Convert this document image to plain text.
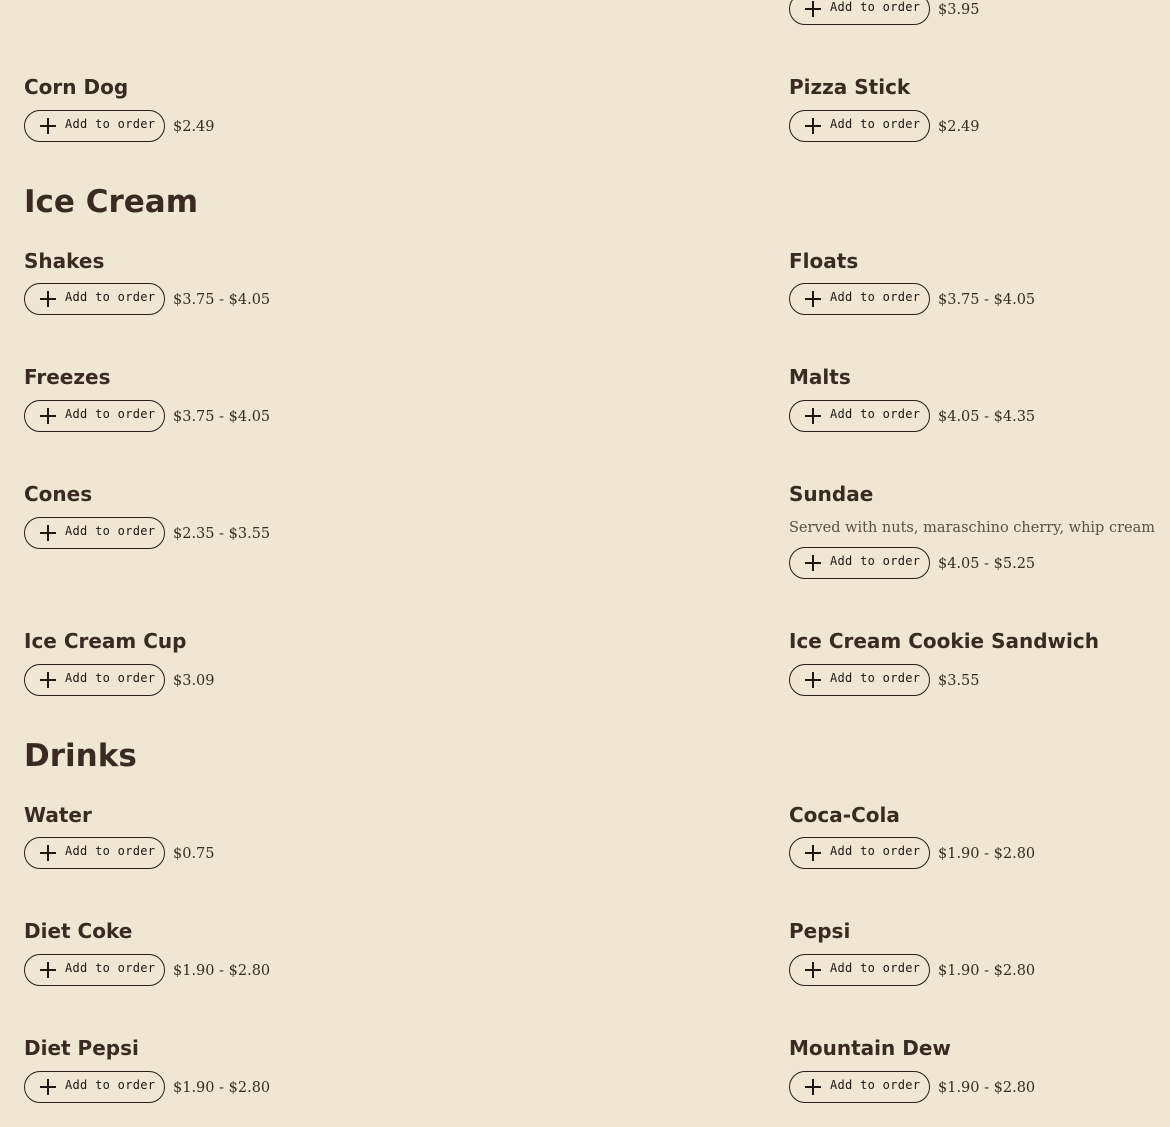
Add to order $3.95
Corn Dog
Add to order $2.49
Pizza Stick
Add to order $2.49
Ice Cream
Shakes
Add to order $3.75 - $4.05
Floats
Add to order $3.75 - $4.05
Freezes
Add to order $3.75 - $4.05
Malts
Add to order $4.05 - $4.35
Cones
Add to order $2.35 - $3.55
Sundae
Served with nuts, maraschino cherry, whip cream
Add to order $4.05 - $5.25
Ice Cream Cup
Add to order $3.09
Ice Cream Cookie Sandwich
Add to order $3.55
Drinks
Water
Add to order $0.75
Coca-Cola
Add to order $1.90 - $2.80
Diet Coke
Add to order $1.90 - $2.80
Pepsi
Add to order $1.90 - $2.80
Diet Pepsi
Add to order $1.90 - $2.80
Mountain Dew
Add to order $1.90 - $2.80
